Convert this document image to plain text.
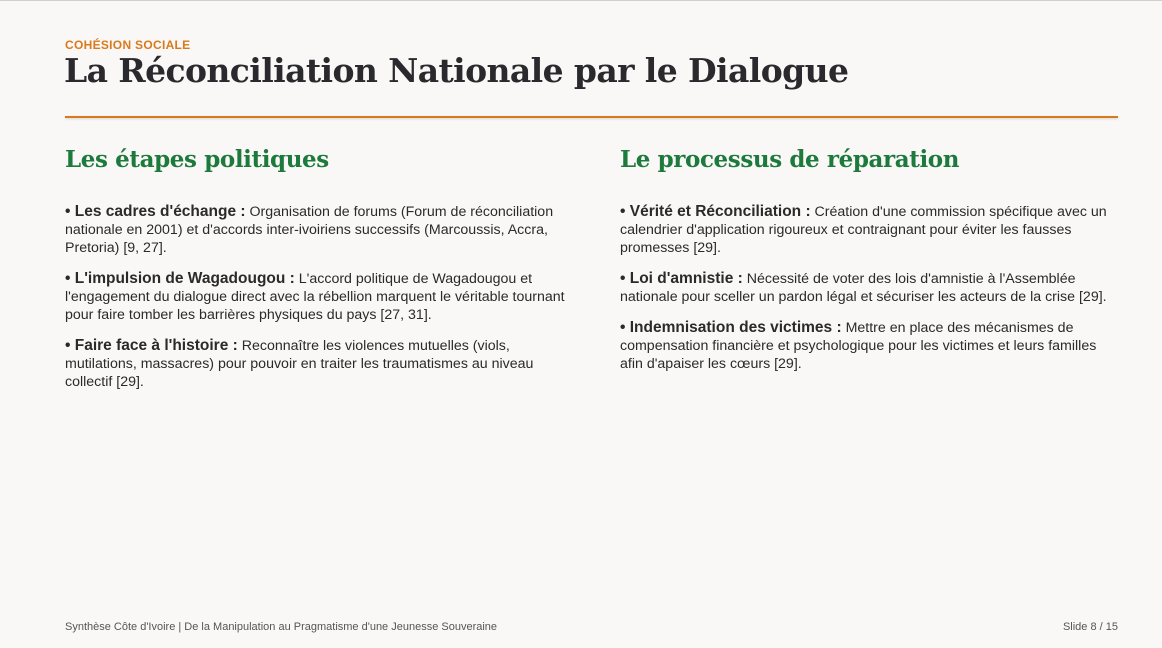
COHÉSION SOCIALE
La Réconciliation Nationale par le Dialogue
Les étapes politiques
• Les cadres d'échange : Organisation de forums (Forum de réconciliation nationale en 2001) et d'accords inter-ivoiriens successifs (Marcoussis, Accra, Pretoria) [9, 27].
• L'impulsion de Wagadougou : L'accord politique de Wagadougou et l'engagement du dialogue direct avec la rébellion marquent le véritable tournant pour faire tomber les barrières physiques du pays [27, 31].
• Faire face à l'histoire : Reconnaître les violences mutuelles (viols, mutilations, massacres) pour pouvoir en traiter les traumatismes au niveau collectif [29].
Le processus de réparation
• Vérité et Réconciliation : Création d'une commission spécifique avec un calendrier d'application rigoureux et contraignant pour éviter les fausses promesses [29].
• Loi d'amnistie : Nécessité de voter des lois d'amnistie à l'Assemblée nationale pour sceller un pardon légal et sécuriser les acteurs de la crise [29].
• Indemnisation des victimes : Mettre en place des mécanismes de compensation financière et psychologique pour les victimes et leurs familles afin d'apaiser les cœurs [29].
Synthèse Côte d'Ivoire | De la Manipulation au Pragmatisme d'une Jeunesse Souveraine	Slide 8 / 15
